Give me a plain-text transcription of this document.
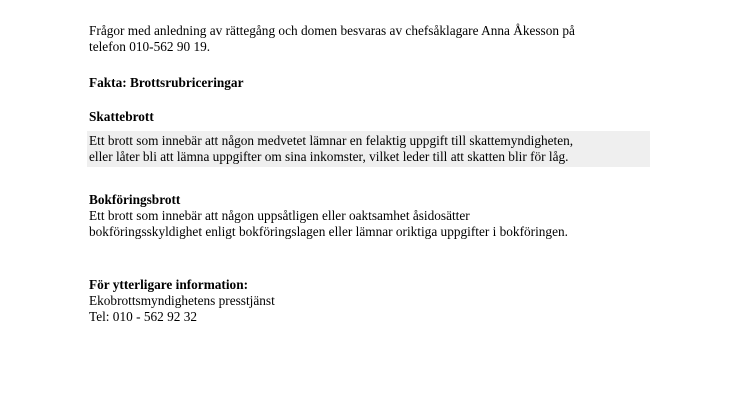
Frågor med anledning av rättegång och domen besvaras av chefsåklagare Anna Åkesson på
telefon 010-562 90 19.
Fakta: Brottsrubriceringar
Skattebrott
Ett brott som innebär att någon medvetet lämnar en felaktig uppgift till skattemyndigheten,
eller låter bli att lämna uppgifter om sina inkomster, vilket leder till att skatten blir för låg.
Bokföringsbrott
Ett brott som innebär att någon uppsåtligen eller oaktsamhet åsidosätter
bokföringsskyldighet enligt bokföringslagen eller lämnar oriktiga uppgifter i bokföringen.
För ytterligare information:
Ekobrottsmyndighetens presstjänst
Tel: 010 - 562 92 32
